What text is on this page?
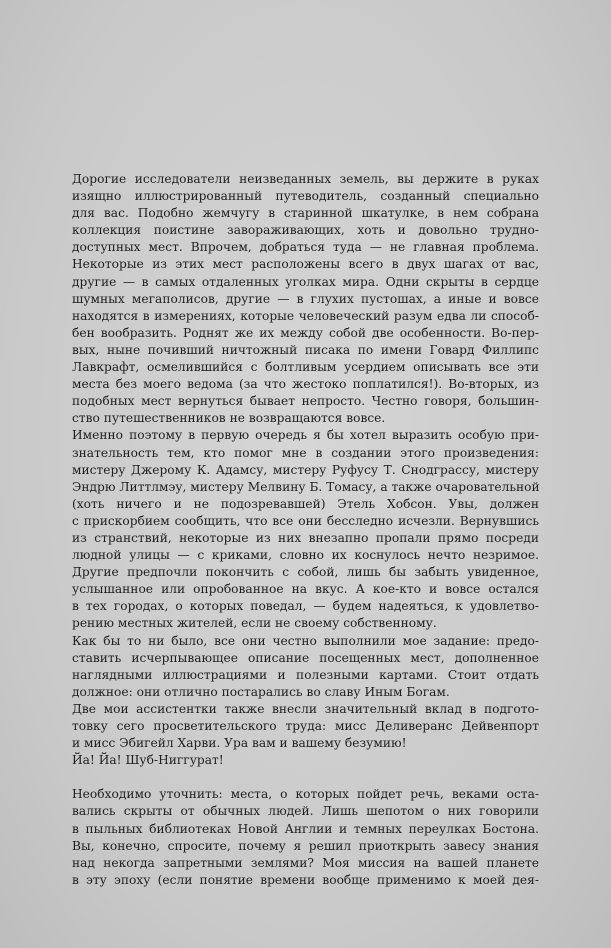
Дорогие исследователи неизведанных земель, вы держите в руках
изящно иллюстрированный путеводитель, созданный специально
для вас. Подобно жемчугу в старинной шкатулке, в нем собрана
коллекция поистине завораживающих, хоть и довольно трудно-
доступных мест. Впрочем, добраться туда — не главная проблема.
Некоторые из этих мест расположены всего в двух шагах от вас,
другие — в самых отдаленных уголках мира. Одни скрыты в сердце
шумных мегаполисов, другие — в глухих пустошах, а иные и вовсе
находятся в измерениях, которые человеческий разум едва ли способ-
бен вообразить. Роднят же их между собой две особенности. Во-пер-
вых, ныне почивший ничтожный писака по имени Говард Филлипс
Лавкрафт, осмелившийся с болтливым усердием описывать все эти
места без моего ведома (за что жестоко поплатился!). Во-вторых, из
подобных мест вернуться бывает непросто. Честно говоря, большин-
ство путешественников не возвращаются вовсе.
Именно поэтому в первую очередь я бы хотел выразить особую при-
знательность тем, кто помог мне в создании этого произведения:
мистеру Джерому К. Адамсу, мистеру Руфусу Т. Снодграссу, мистеру
Эндрю Литтлмэу, мистеру Мелвину Б. Томасу, а также очаровательной
(хоть ничего и не подозревавшей) Этель Хобсон. Увы, должен
с прискорбием сообщить, что все они бесследно исчезли. Вернувшись
из странствий, некоторые из них внезапно пропали прямо посреди
людной улицы — с криками, словно их коснулось нечто незримое.
Другие предпочли покончить с собой, лишь бы забыть увиденное,
услышанное или опробованное на вкус. А кое-кто и вовсе остался
в тех городах, о которых поведал, — будем надеяться, к удовлетво-
рению местных жителей, если не своему собственному.
Как бы то ни было, все они честно выполнили мое задание: предо-
ставить исчерпывающее описание посещенных мест, дополненное
наглядными иллюстрациями и полезными картами. Стоит отдать
должное: они отлично постарались во славу Иным Богам.
Две мои ассистентки также внесли значительный вклад в подгото-
товку сего просветительского труда: мисс Деливеранс Дейвенпорт
и мисс Эбигейл Харви. Ура вам и вашему безумию!
Йа! Йа! Шуб-Ниггурат!
Необходимо уточнить: места, о которых пойдет речь, веками оста-
вались скрыты от обычных людей. Лишь шепотом о них говорили
в пыльных библиотеках Новой Англии и темных переулках Бостона.
Вы, конечно, спросите, почему я решил приоткрыть завесу знания
над некогда запретными землями? Моя миссия на вашей планете
в эту эпоху (если понятие времени вообще применимо к моей дея-
